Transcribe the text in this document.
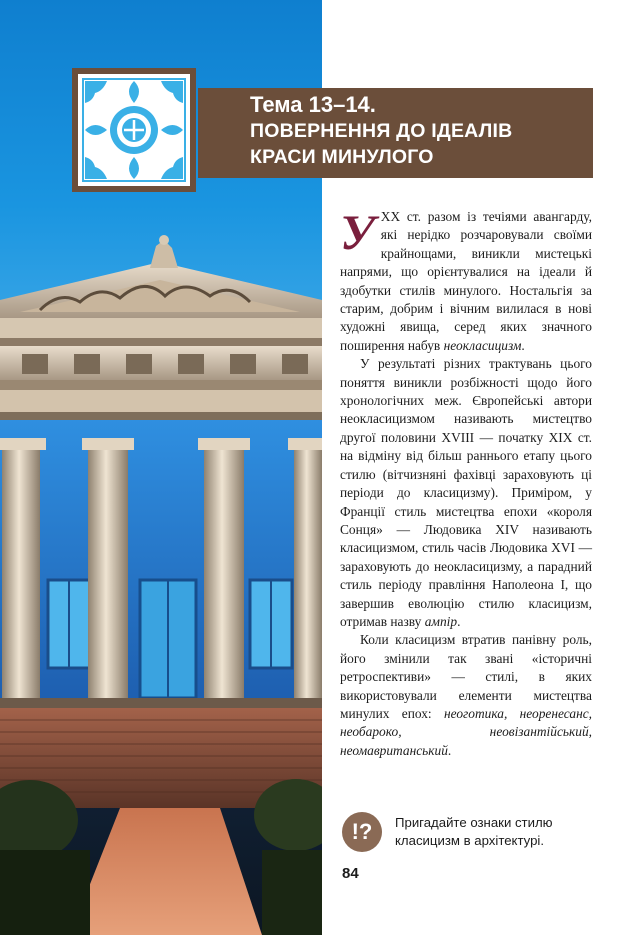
Тема 13–14.
ПОВЕРНЕННЯ ДО ІДЕАЛІВ
КРАСИ МИНУЛОГО

УXX ст. разом із течіями авангарду, які нерідко розчаровували своїми крайнощами, виникли мистецькі напрями, що орієнтувалися на ідеали й здобутки стилів минулого. Ностальгія за старим, добрим і вічним вилилася в нові художні явища, серед яких значного поширення набув неокласицизм.

У результаті різних трактувань цього поняття виникли розбіжності щодо його хронологічних меж. Європейські автори неокласицизмом називають мистецтво другої половини XVIII — початку XIX ст. на відміну від більш раннього етапу цього стилю (вітчизняні фахівці зараховують ці періоди до класицизму). Приміром, у Франції стиль мистецтва епохи «короля Сонця» — Людовика XIV називають класицизмом, стиль часів Людовика XVI — зараховують до неокласицизму, а парадний стиль періоду правління Наполеона I, що завершив еволюцію стилю класицизм, отримав назву ампір.

Коли класицизм втратив панівну роль, його змінили так звані «історичні ретроспективи» — стилі, в яких використовували елементи мистецтва минулих епох: неоготика, неоренесанс, необароко, неовізантійський, неомавританський.

!?	Пригадайте ознаки стилю класицизм в архітектурі.
84
